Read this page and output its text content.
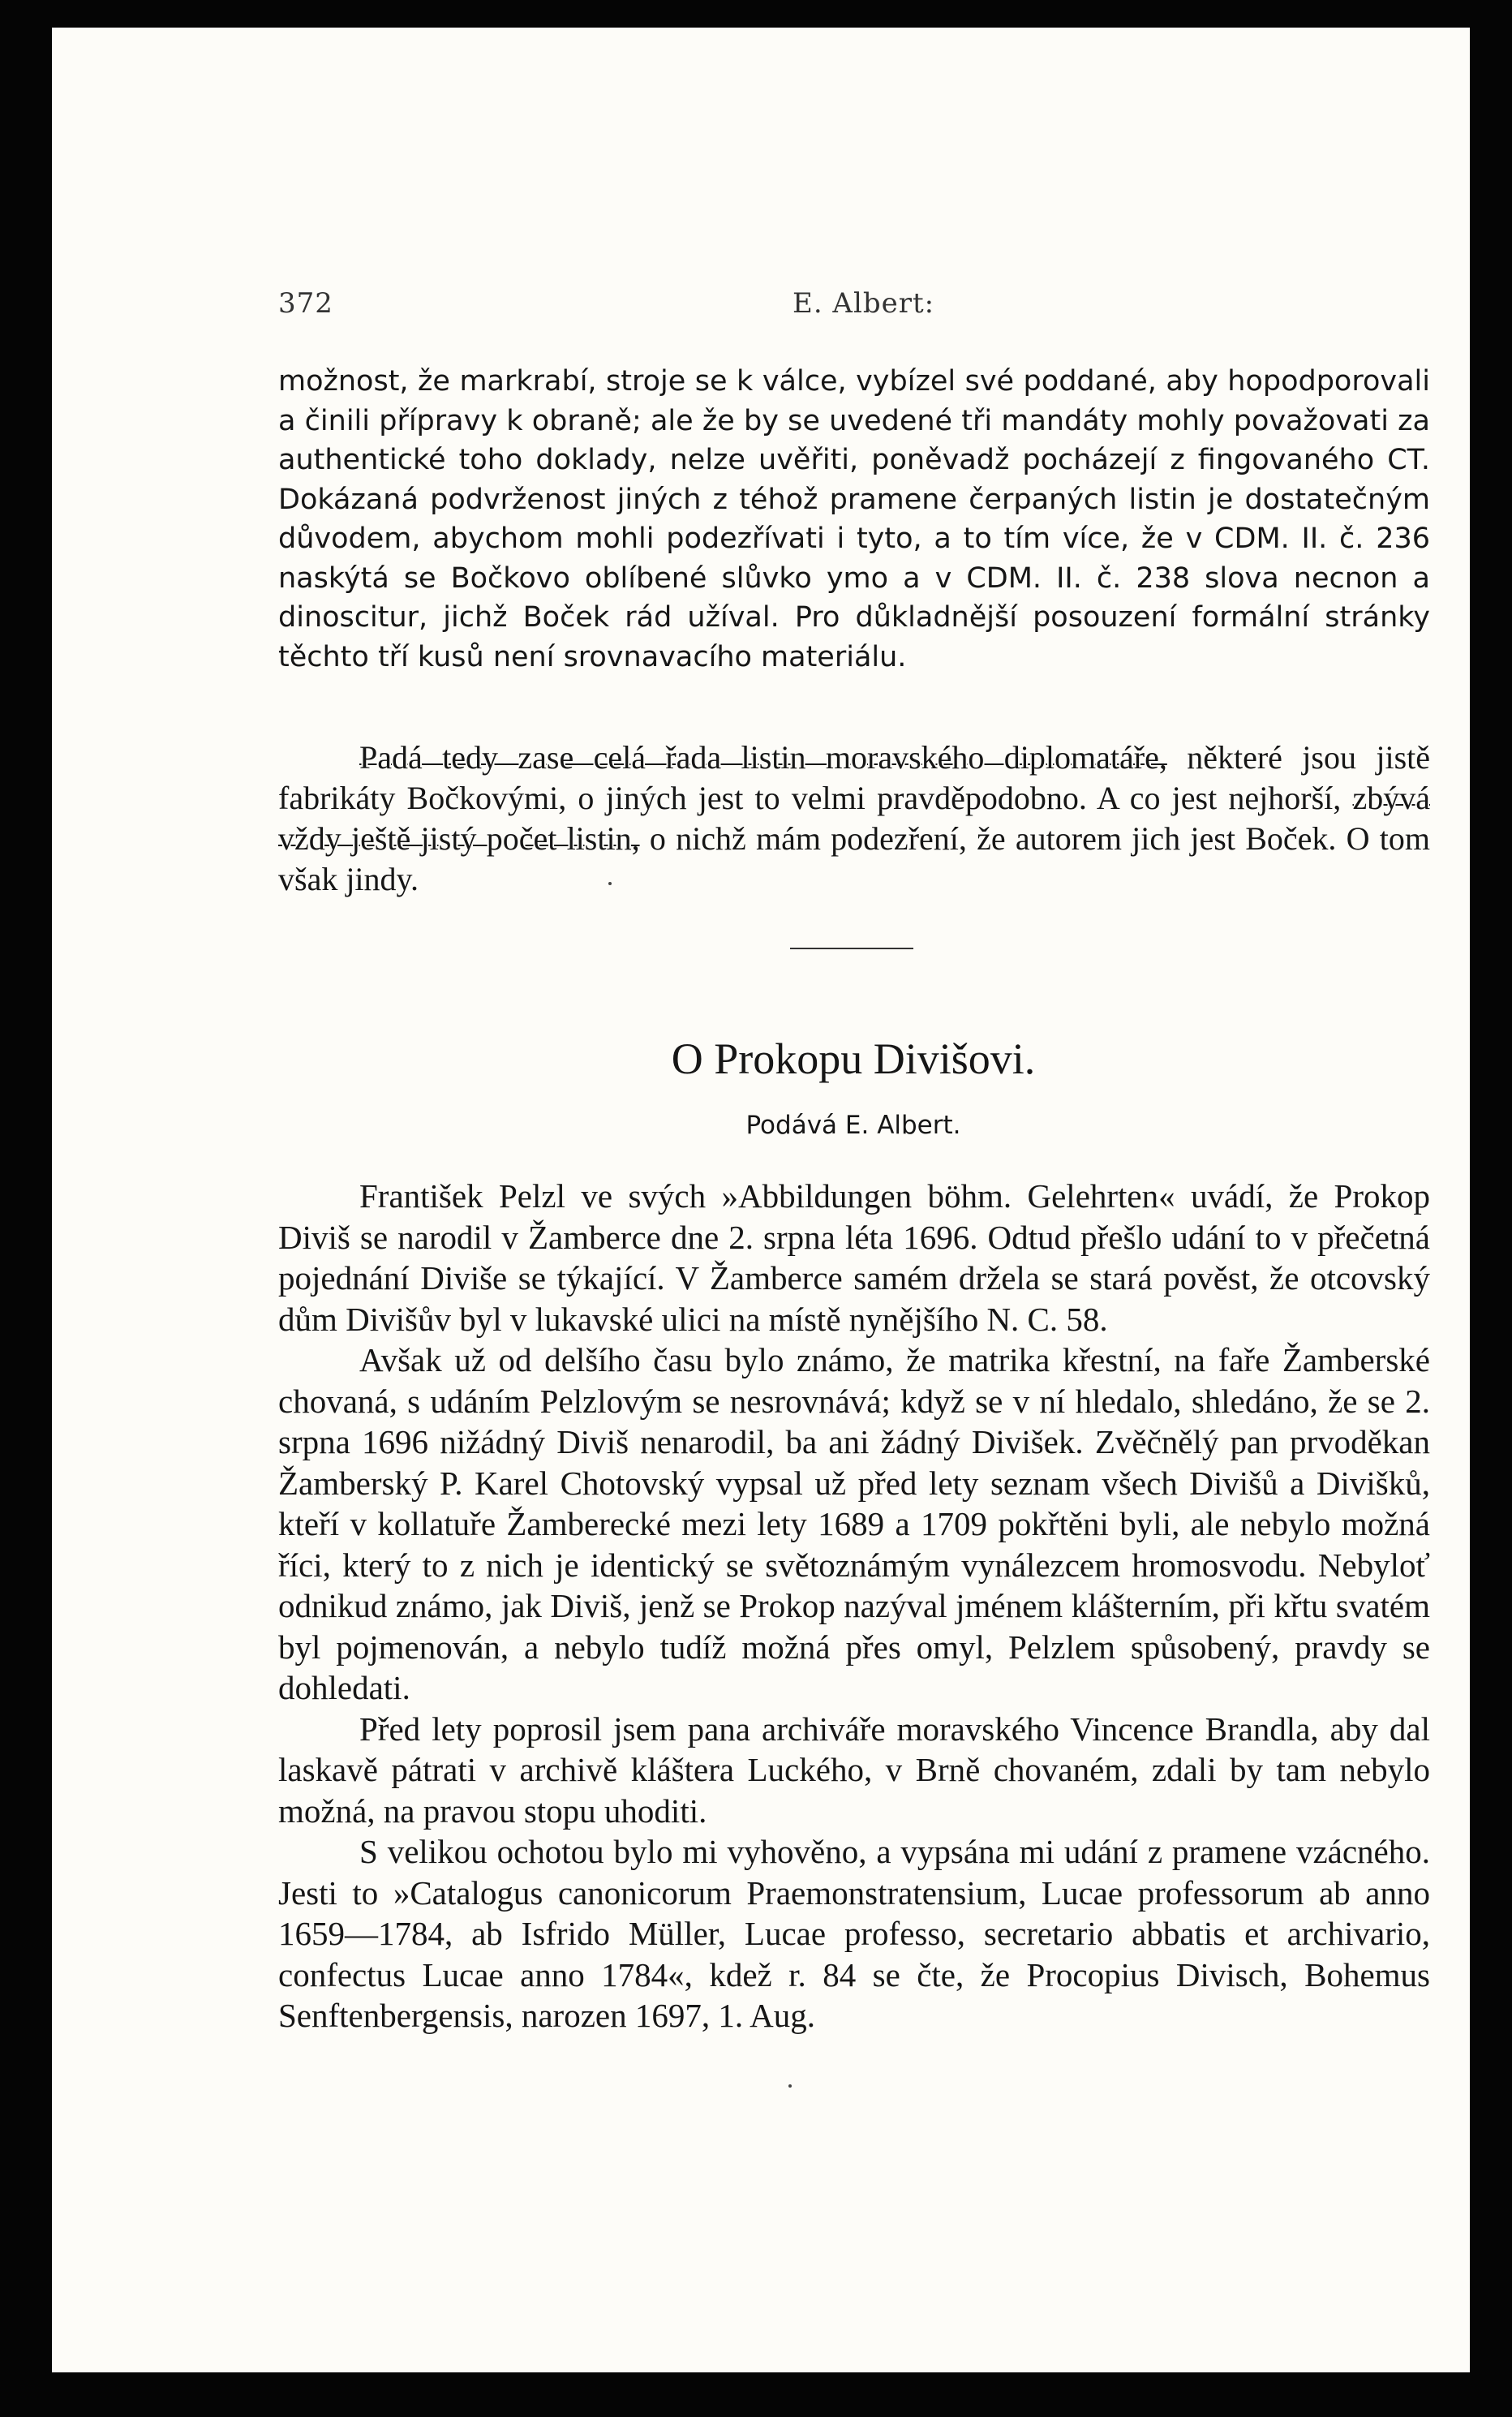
372	E. Albert:

možnost, že markrabí, stroje se k válce, vybízel své poddané, aby hopodporovali a činili přípravy k obraně; ale že by se uvedené tři mandáty mohly považovati za authentické toho doklady, nelze uvěřiti, poněvadž pocházejí z fingovaného CT. Dokázaná podvrženost jiných z téhož pramene čerpaných listin je dostatečným důvodem, abychom mohli podezřívati i tyto, a to tím více, že v CDM. II. č. 236 naskýtá se Bočkovo oblíbené slůvko ymo a v CDM. II. č. 238 slova necnon a dinoscitur, jichž Boček rád užíval. Pro důkladnější posouzení formální stránky těchto tří kusů není srovnavacího materiálu.

Padá tedy zase celá řada listin moravského diplomatáře, některé jsou jistě fabrikáty Bočkovými, o jiných jest to velmi pravděpodobno. A co jest nejhorší, zbývá vždy ještě jistý počet listin, o nichž mám podezření, že autorem jich jest Boček. O tom však jindy.

O Prokopu Divišovi.

Podává E. Albert.

František Pelzl ve svých »Abbildungen böhm. Gelehrten« uvádí, že Prokop Diviš se narodil v Žamberce dne 2. srpna léta 1696. Odtud přešlo udání to v přečetná pojednání Diviše se týkající. V Žamberce samém držela se stará pověst, že otcovský dům Divišův byl v lukavské ulici na místě nynějšího N. C. 58.

Avšak už od delšího času bylo známo, že matrika křestní, na faře Žamberské chovaná, s udáním Pelzlovým se nesrovnává; když se v ní hledalo, shledáno, že se 2. srpna 1696 nižádný Diviš nenarodil, ba ani žádný Divišek. Zvěčnělý pan prvoděkan Žamberský P. Karel Chotovský vypsal už před lety seznam všech Divišů a Divišků, kteří v kollatuře Žamberecké mezi lety 1689 a 1709 pokřtěni byli, ale nebylo možná říci, který to z nich je identický se světoznámým vynálezcem hromosvodu. Nebyloť odnikud známo, jak Diviš, jenž se Prokop nazýval jménem klášterním, při křtu svatém byl pojmenován, a nebylo tudíž možná přes omyl, Pelzlem spůsobený, pravdy se dohledati.

Před lety poprosil jsem pana archiváře moravského Vincence Brandla, aby dal laskavě pátrati v archivě kláštera Luckého, v Brně chovaném, zdali by tam nebylo možná, na pravou stopu uhoditi.

S velikou ochotou bylo mi vyhověno, a vypsána mi udání z pramene vzácného. Jesti to »Catalogus canonicorum Praemonstratensium, Lucae professorum ab anno 1659—1784, ab Isfrido Müller, Lucae professo, secretario abbatis et archivario, confectus Lucae anno 1784«, kdež r. 84 se čte, že Procopius Divisch, Bohemus Senftenbergensis, narozen 1697, 1. Aug.
